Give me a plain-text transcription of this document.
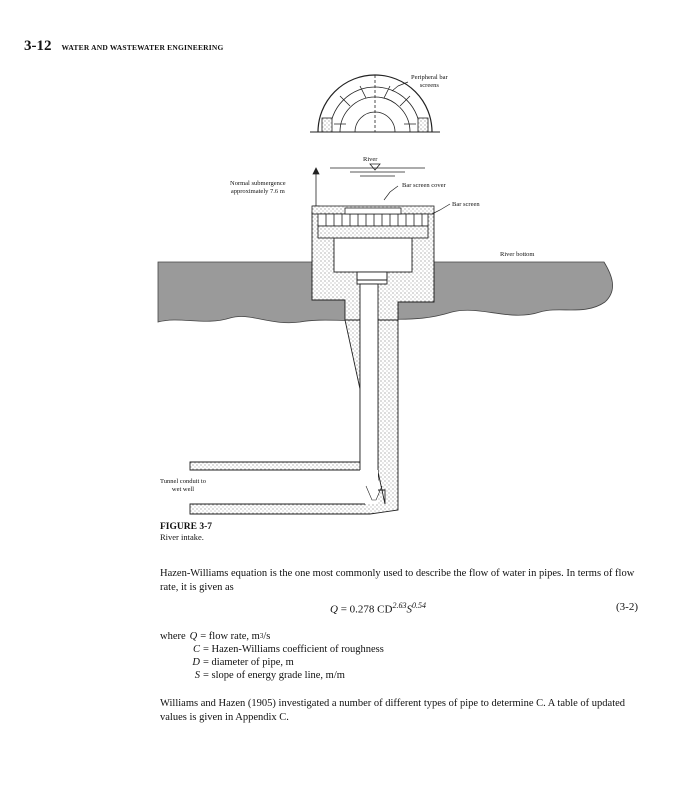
3-12 WATER AND WASTEWATER ENGINEERING
Peripheral bar
screens
River
Normal submergence
approximately 7.6 m
Bar screen cover
Bar screen
River bottom
Tunnel conduit to
wet well
FIGURE 3-7
River intake.
Hazen-Williams equation is the one most commonly used to describe the flow of water in pipes. In terms of flow rate, it is given as
Q = 0.278 $CD^{2.63}S^{0.54}$	(3-2)
where Q = flow rate, m 3 /s
C = Hazen-Williams coefficient of roughness
D = diameter of pipe, m
S = slope of energy grade line, m/m
Williams and Hazen (1905) investigated a number of different types of pipe to determine C. A table of updated values is given in Appendix C.
